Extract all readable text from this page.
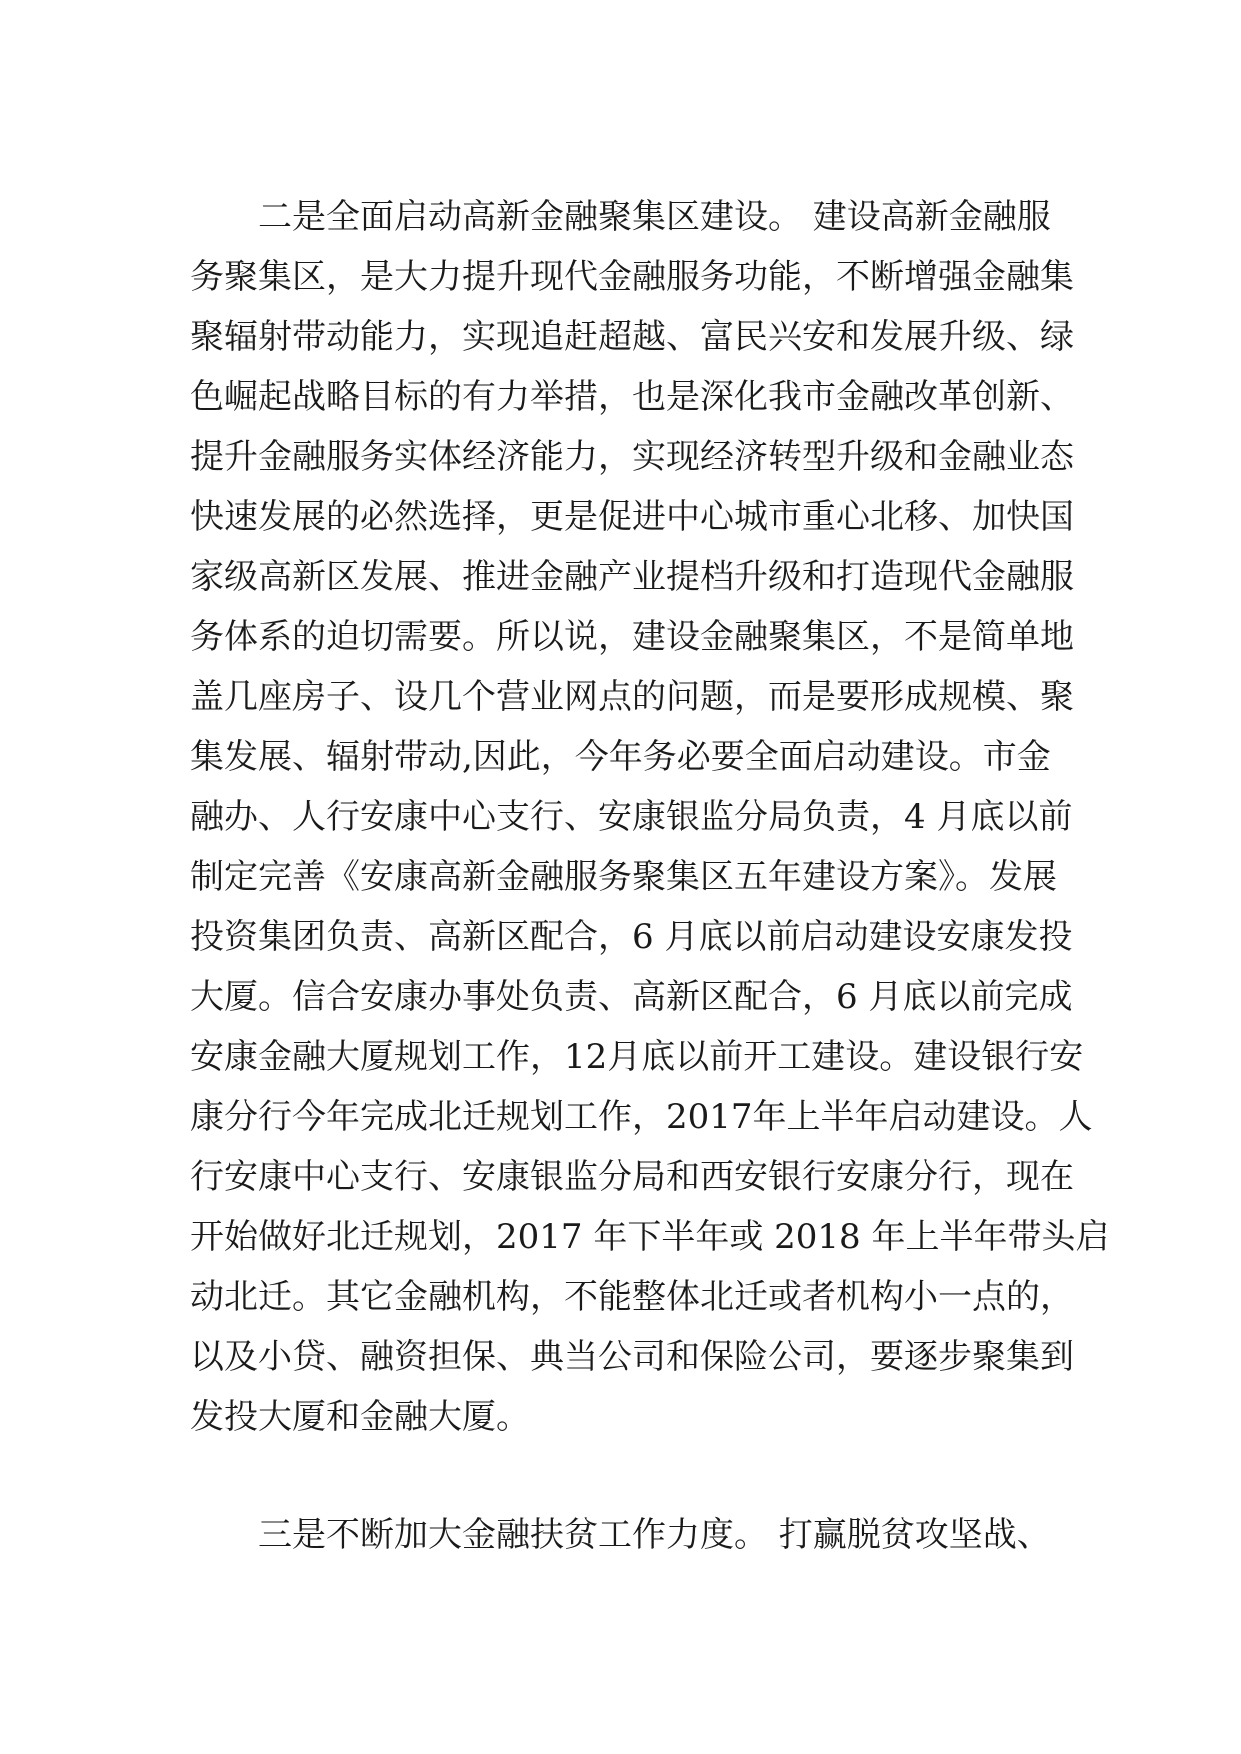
二是全面启动高新金融聚集区建设。 建设高新金融服
务聚集区，是大力提升现代金融服务功能，不断增强金融集
聚辐射带动能力，实现追赶超越、富民兴安和发展升级、绿
色崛起战略目标的有力举措，也是深化我市金融改革创新、
提升金融服务实体经济能力，实现经济转型升级和金融业态
快速发展的必然选择，更是促进中心城市重心北移、加快国
家级高新区发展、推进金融产业提档升级和打造现代金融服
务体系的迫切需要。所以说，建设金融聚集区，不是简单地
盖几座房子、设几个营业网点的问题，而是要形成规模、聚
集发展、辐射带动,因此，今年务必要全面启动建设。市金
融办、人行安康中心支行、安康银监分局负责，4 月底以前
制定完善《安康高新金融服务聚集区五年建设方案》。发展
投资集团负责、高新区配合，6 月底以前启动建设安康发投
大厦。信合安康办事处负责、高新区配合，6 月底以前完成
安康金融大厦规划工作，12月底以前开工建设。建设银行安
康分行今年完成北迁规划工作，2017年上半年启动建设。人
行安康中心支行、安康银监分局和西安银行安康分行，现在
开始做好北迁规划，2017 年下半年或 2018 年上半年带头启
动北迁。其它金融机构，不能整体北迁或者机构小一点的，
以及小贷、融资担保、典当公司和保险公司，要逐步聚集到
发投大厦和金融大厦。
三是不断加大金融扶贫工作力度。 打赢脱贫攻坚战、
